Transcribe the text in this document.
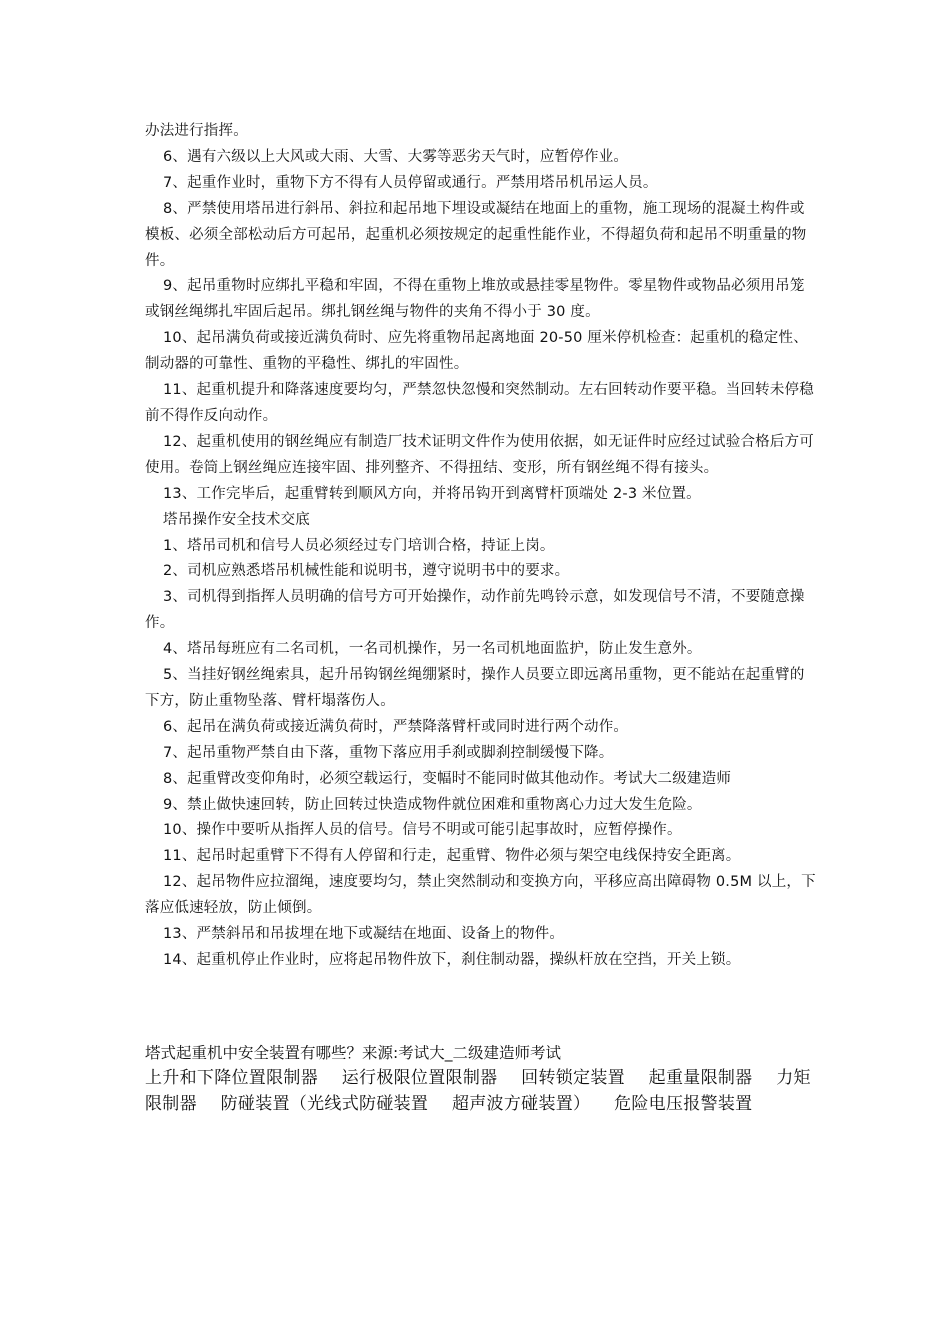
办法进行指挥。

6、遇有六级以上大风或大雨、大雪、大雾等恶劣天气时，应暂停作业。

7、起重作业时，重物下方不得有人员停留或通行。严禁用塔吊机吊运人员。

8、严禁使用塔吊进行斜吊、斜拉和起吊地下埋设或凝结在地面上的重物，施工现场的混凝土构件或模板、必须全部松动后方可起吊，起重机必须按规定的起重性能作业，不得超负荷和起吊不明重量的物件。

9、起吊重物时应绑扎平稳和牢固，不得在重物上堆放或悬挂零星物件。零星物件或物品必须用吊笼或钢丝绳绑扎牢固后起吊。绑扎钢丝绳与物件的夹角不得小于 30 度。

10、起吊满负荷或接近满负荷时、应先将重物吊起离地面 20-50 厘米停机检查：起重机的稳定性、制动器的可靠性、重物的平稳性、绑扎的牢固性。

11、起重机提升和降落速度要均匀，严禁忽快忽慢和突然制动。左右回转动作要平稳。当回转未停稳前不得作反向动作。

12、起重机使用的钢丝绳应有制造厂技术证明文件作为使用依据，如无证件时应经过试验合格后方可使用。卷筒上钢丝绳应连接牢固、排列整齐、不得扭结、变形，所有钢丝绳不得有接头。

13、工作完毕后，起重臂转到顺风方向，并将吊钩开到离臂杆顶端处 2-3 米位置。

塔吊操作安全技术交底

1、塔吊司机和信号人员必须经过专门培训合格，持证上岗。

2、司机应熟悉塔吊机械性能和说明书，遵守说明书中的要求。

3、司机得到指挥人员明确的信号方可开始操作，动作前先鸣铃示意，如发现信号不清，不要随意操作。

4、塔吊每班应有二名司机，一名司机操作，另一名司机地面监护，防止发生意外。

5、当挂好钢丝绳索具，起升吊钩钢丝绳绷紧时，操作人员要立即远离吊重物，更不能站在起重臂的下方，防止重物坠落、臂杆塌落伤人。

6、起吊在满负荷或接近满负荷时，严禁降落臂杆或同时进行两个动作。

7、起吊重物严禁自由下落，重物下落应用手刹或脚刹控制缓慢下降。

8、起重臂改变仰角时，必须空载运行，变幅时不能同时做其他动作。考试大二级建造师

9、禁止做快速回转，防止回转过快造成物件就位困难和重物离心力过大发生危险。

10、操作中要听从指挥人员的信号。信号不明或可能引起事故时，应暂停操作。

11、起吊时起重臂下不得有人停留和行走，起重臂、物件必须与架空电线保持安全距离。

12、起吊物件应拉溜绳，速度要均匀，禁止突然制动和变换方向，平移应高出障碍物 0.5M 以上，下落应低速轻放，防止倾倒。

13、严禁斜吊和吊拔埋在地下或凝结在地面、设备上的物件。

14、起重机停止作业时，应将起吊物件放下，刹住制动器，操纵杆放在空挡，开关上锁。

塔式起重机中安全装置有哪些？来源:考试大_二级建造师考试

上升和下降位置限制器 运行极限位置限制器 回转锁定装置 起重量限制器 力矩限制器 防碰装置（光线式防碰装置 超声波方碰装置） 危险电压报警装置
